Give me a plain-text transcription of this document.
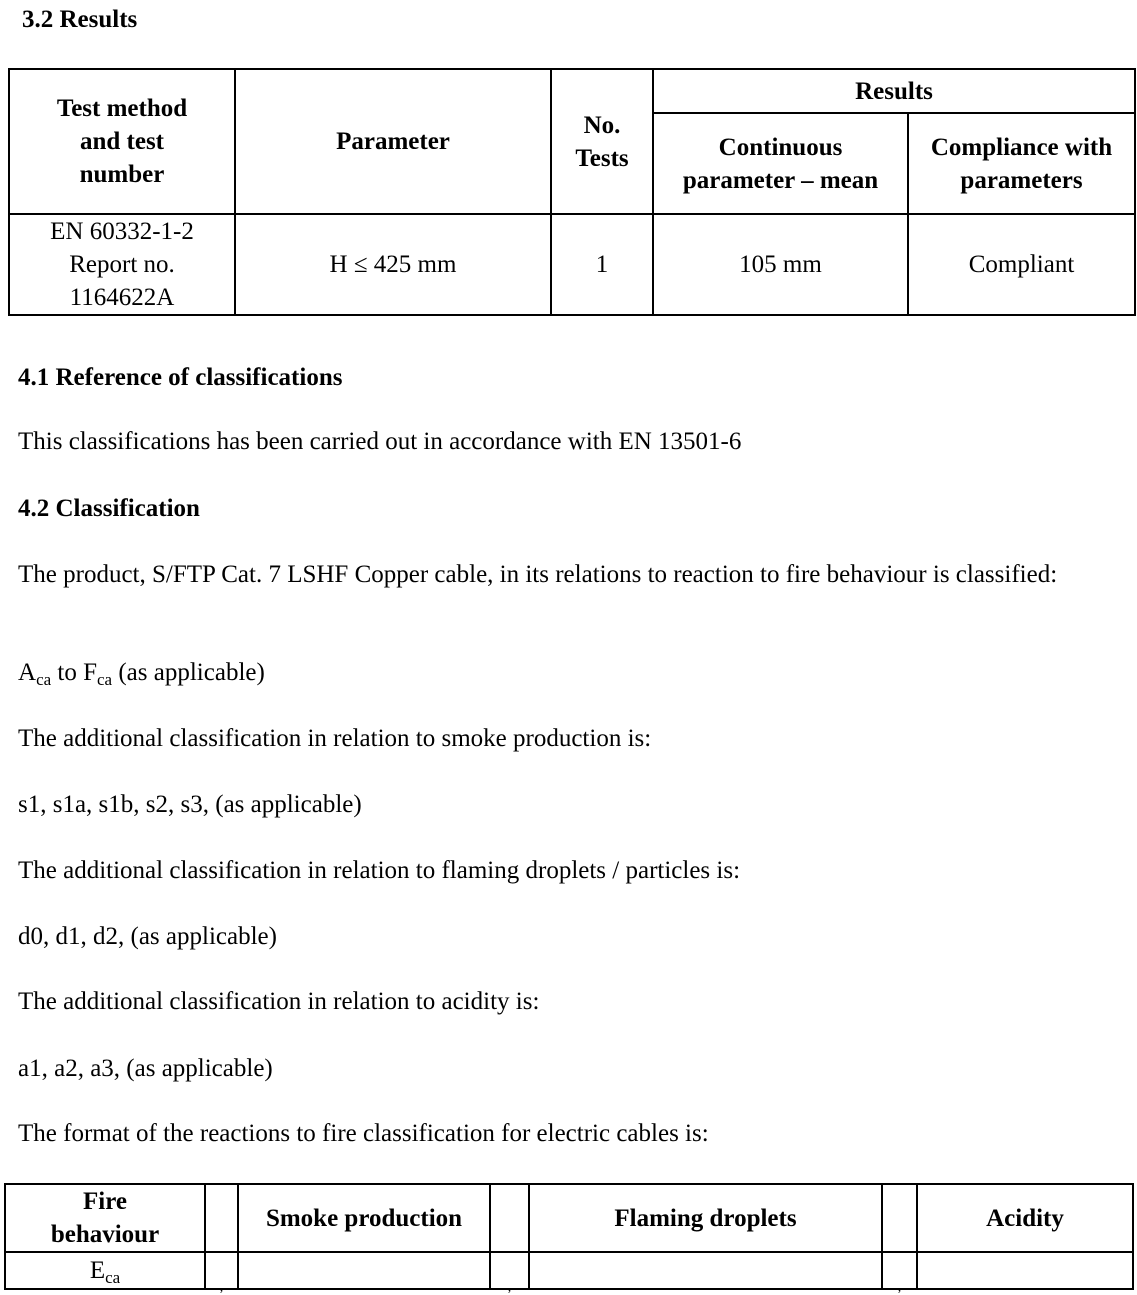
3.2 Results
Test method and test number	Parameter	No. Tests	Results	
			Continuous parameter – mean	Compliance with parameters
EN 60332-1-2 Report no. 1164622A	H ≤ 425 mm	1	105 mm	Compliant
4.1 Reference of classifications

This classifications has been carried out in accordance with EN 13501-6

4.2 Classification

The product, S/FTP Cat. 7 LSHF Copper cable, in its relations to reaction to fire behaviour is classified:

$A_{ca}$ to $F_{ca}$ (as applicable)

The additional classification in relation to smoke production is:

s1, s1a, s1b, s2, s3, (as applicable)

The additional classification in relation to flaming droplets / particles is:

d0, d1, d2, (as applicable)

The additional classification in relation to acidity is:

a1, a2, a3, (as applicable)

The format of the reactions to fire classification for electric cables is:

Fire behaviour		Smoke production		Flaming droplets		Acidity
$E_{ca}$	$_,$		$_,$		$_,$	
